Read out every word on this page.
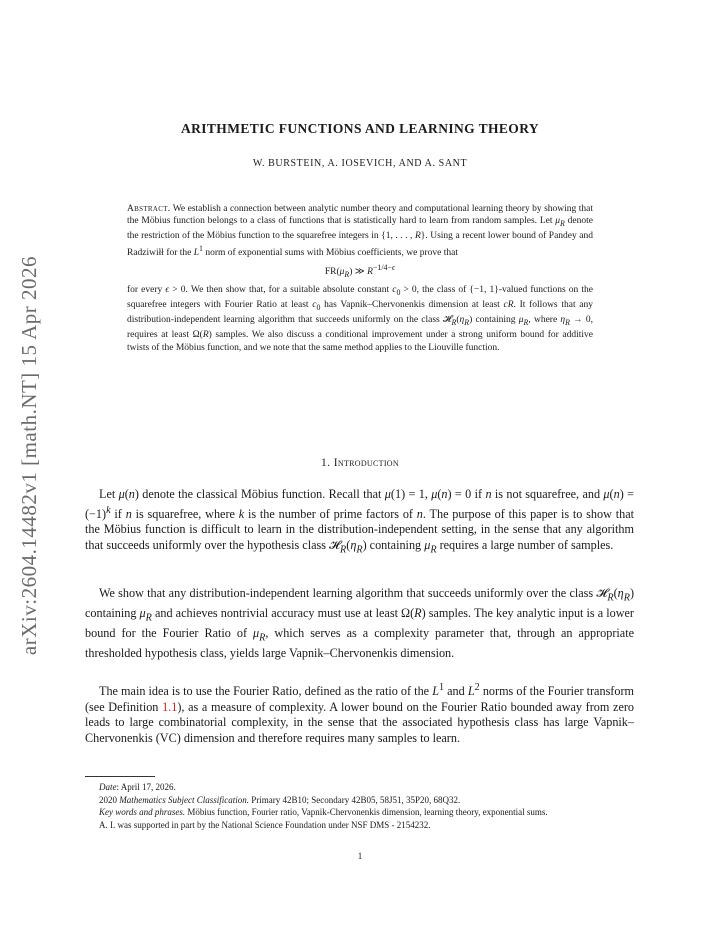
arXiv:2604.14482v1 [math.NT] 15 Apr 2026
ARITHMETIC FUNCTIONS AND LEARNING THEORY
W. BURSTEIN, A. IOSEVICH, AND A. SANT

Abstract. We establish a connection between analytic number theory and computational learning theory by showing that the Möbius function belongs to a class of functions that is statistically hard to learn from random samples. Let $\mu_R$ denote the restriction of the Möbius function to the squarefree integers in {1, . . . , R}. Using a recent lower bound of Pandey and Radziwiłł for the $L^1$ norm of exponential sums with Möbius coefficients, we prove that

$FR(\mu_R)$ ≫ $R^{-1/4-\epsilon}$

for every ϵ > 0. We then show that, for a suitable absolute constant $c_0 > 0$, the class of {−1, 1}-valued functions on the squarefree integers with Fourier Ratio at least $c_0$ has Vapnik–Chervonenkis dimension at least cR. It follows that any distribution-independent learning algorithm that succeeds uniformly on the class $𝓗_R(\eta_R)$ containing $\mu_R$, where $\eta_R \to 0$, requires at least Ω(R) samples. We also discuss a conditional improvement under a strong uniform bound for additive twists of the Möbius function, and we note that the same method applies to the Liouville function.

1. Introduction

Let μ(n) denote the classical Möbius function. Recall that μ(1) = 1, μ(n) = 0 if n is not squarefree, and $\mu(n) = (-1)^k$ if n is squarefree, where k is the number of prime factors of n. The purpose of this paper is to show that the Möbius function is difficult to learn in the distribution-independent setting, in the sense that any algorithm that succeeds uniformly over the hypothesis class $𝓗_R(\eta_R)$ containing $\mu_R$ requires a large number of samples.

We show that any distribution-independent learning algorithm that succeeds uniformly over the class $𝓗_R(\eta_R)$ containing $\mu_R$ and achieves nontrivial accuracy must use at least Ω(R) samples. The key analytic input is a lower bound for the Fourier Ratio of $\mu_R$, which serves as a complexity parameter that, through an appropriate thresholded hypothesis class, yields large Vapnik–Chervonenkis dimension.

The main idea is to use the Fourier Ratio, defined as the ratio of the $L^1$ and $L^2$ norms of the Fourier transform (see Definition 1.1), as a measure of complexity. A lower bound on the Fourier Ratio bounded away from zero leads to large combinatorial complexity, in the sense that the associated hypothesis class has large Vapnik–Chervonenkis (VC) dimension and therefore requires many samples to learn.

Date: April 17, 2026.

2020 Mathematics Subject Classification. Primary 42B10; Secondary 42B05, 58J51, 35P20, 68Q32.

Key words and phrases. Möbius function, Fourier ratio, Vapnik-Chervonenkis dimension, learning theory, exponential sums.

A. I. was supported in part by the National Science Foundation under NSF DMS - 2154232.

1
